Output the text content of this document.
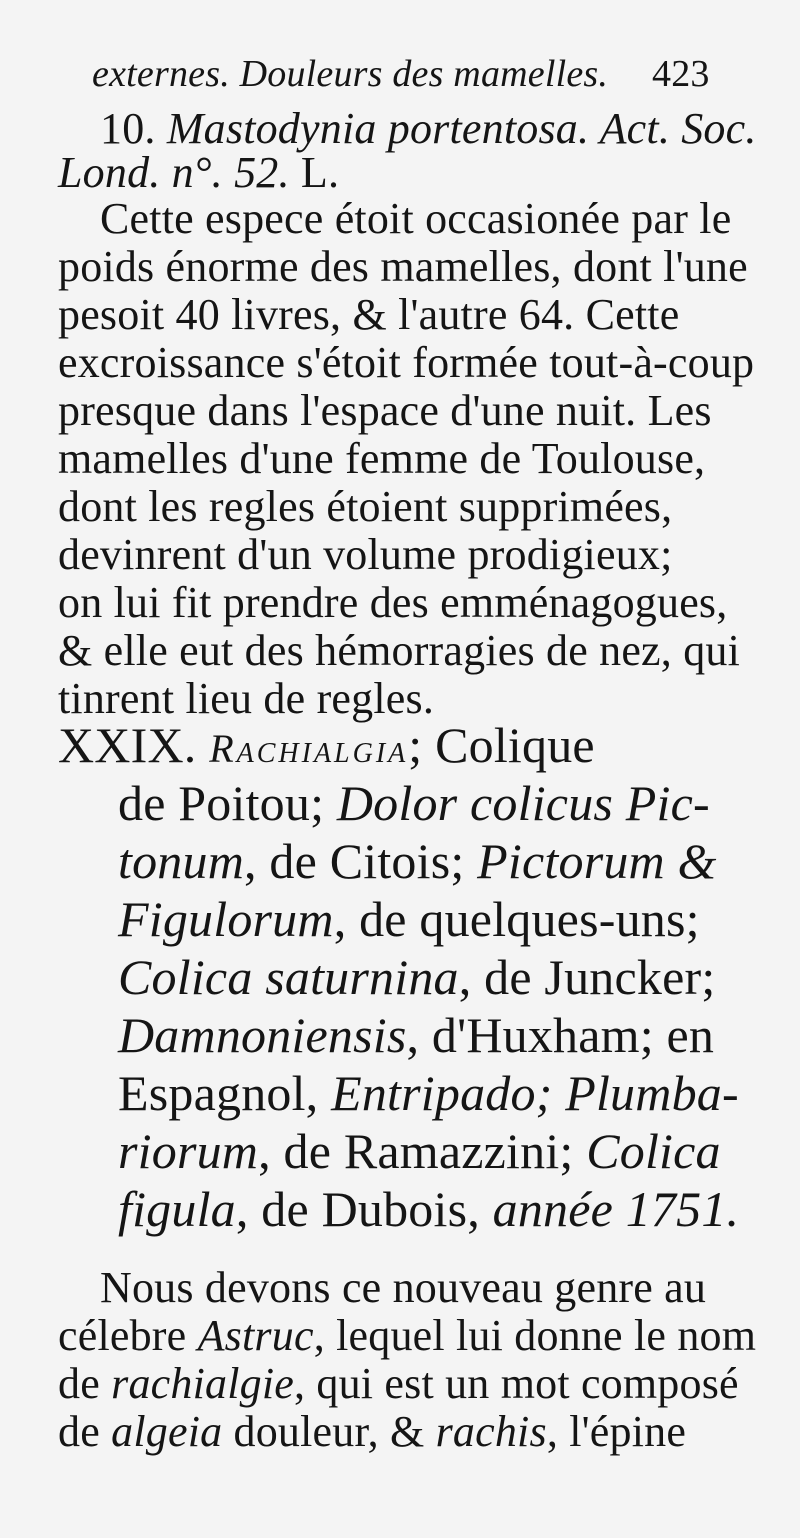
externes. Douleurs des mamelles. 423
10. Mastodynia portentosa. Act. Soc.
Lond. n°. 52. L.
Cette espece étoit occasionée par le
poids énorme des mamelles, dont l'une
pesoit 40 livres, & l'autre 64. Cette
excroissance s'étoit formée tout-à-coup
presque dans l'espace d'une nuit. Les
mamelles d'une femme de Toulouse,
dont les regles étoient supprimées,
devinrent d'un volume prodigieux;
on lui fit prendre des emménagogues,
& elle eut des hémorragies de nez, qui
tinrent lieu de regles.
XXIX. Rachialgia; Colique
de Poitou; Dolor colicus Pic-
tonum, de Citois; Pictorum &
Figulorum, de quelques-uns;
Colica saturnina, de Juncker;
Damnoniensis, d'Huxham; en
Espagnol, Entripado; Plumba-
riorum, de Ramazzini; Colica
figula, de Dubois, année 1751.
Nous devons ce nouveau genre au
célebre Astruc, lequel lui donne le nom
de rachialgie, qui est un mot composé
de algeia douleur, & rachis, l'épine
